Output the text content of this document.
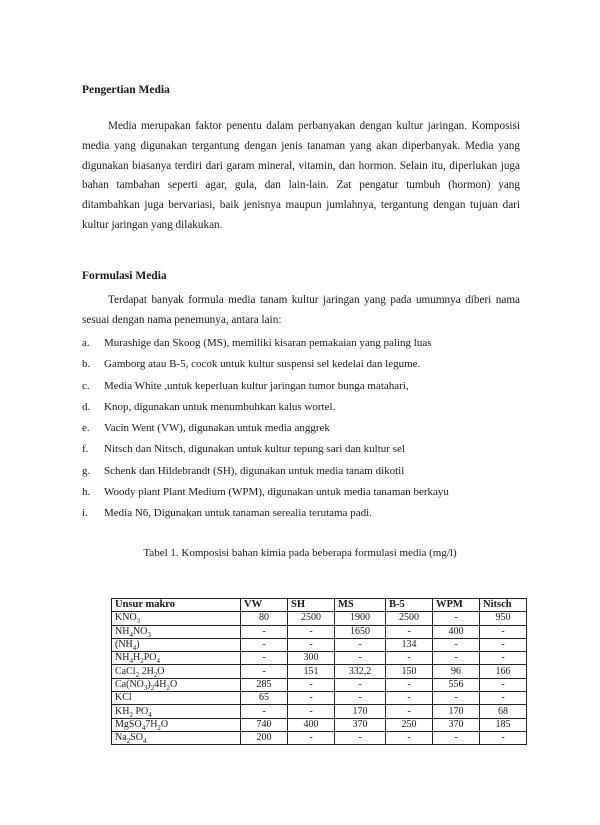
Pengertian Media
Media merupakan faktor penentu dalam perbanyakan dengan kultur jaringan. Komposisi media yang digunakan tergantung dengan jenis tanaman yang akan diperbanyak. Media yang digunakan biasanya terdiri dari garam mineral, vitamin, dan hormon. Selain itu, diperlukan juga bahan tambahan seperti agar, gula, dan lain-lain. Zat pengatur tumbuh (hormon) yang ditambahkan juga bervariasi, baik jenisnya maupun jumlahnya, tergantung dengan tujuan dari kultur jaringan yang dilakukan.
Formulasi Media
Terdapat banyak formula media tanam kultur jaringan yang pada umumnya diberi nama sesuai dengan nama penemunya, antara lain:
a. Murashige dan Skoog (MS), memiliki kisaran pemakaian yang paling luas
b. Gamborg atau B-5, cocok untuk kultur suspensi sel kedelai dan legume.
c. Media White ,untuk keperluan kultur jaringan tumor bunga matahari,
d. Knop, digunakan untuk menumbuhkan kalus wortel.
e. Vacin Went (VW), digunakan untuk media anggrek
f. Nitsch dan Nitsch, digunakan untuk kultur tepung sari dan kultur sel
g. Schenk dan Hildebrandt (SH), digunakan untuk media tanam dikotil
h. Woody plant Plant Medium (WPM), digunakan untuk media tanaman berkayu
i. Media N6, Digunakan untuk tanaman serealia terutama padi.
Tabel 1. Komposisi bahan kimia pada beberapa formulasi media (mg/l)
Unsur makro	VW	SH	MS	B-5	WPM	Nitsch
$KNO_3$	80	2500	1900	2500	-	950
$NH_4NO_3$	-	-	1650	-	400	-
$(NH_4)$	-	-	-	134	-	-
$NH_4H_2PO_4$	-	300	-	-	-	-
CaCl$_2$ $2H_2O$	-	151	332,2	150	96	166
$Ca(NO_3)_24H_2O$	285	-	-	-	556	-
KCl	65	-	-	-	-	-
$KH_2$ $PO_4$	-	-	170	-	170	68
$MgSO_47H_2O$	740	400	370	250	370	185
$Na_2SO_4$	200	-	-	-	-	-
